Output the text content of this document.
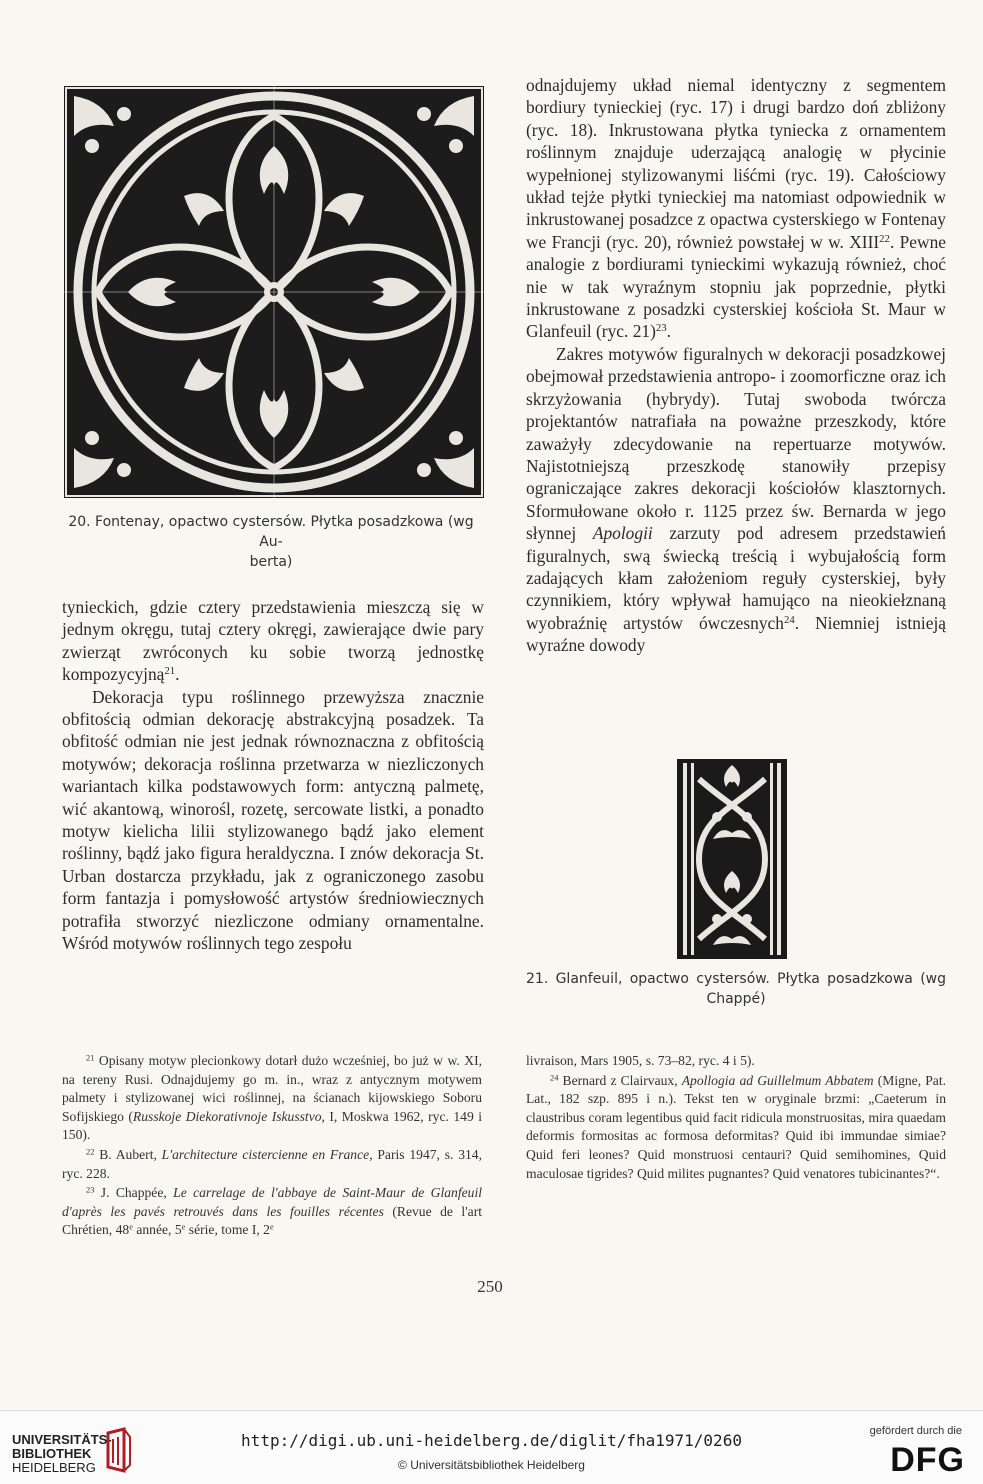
20. Fontenay, opactwo cystersów. Płytka posadzkowa (wg Au-
berta)

tynieckich, gdzie cztery przedstawienia mieszczą się w jednym okręgu, tutaj cztery okręgi, zawierające dwie pary zwierząt zwróconych ku sobie tworzą jednostkę kompozycyjną$^{21}$.

Dekoracja typu roślinnego przewyższa znacznie obfitością odmian dekorację abstrakcyjną posadzek. Ta obfitość odmian nie jest jednak równoznaczna z obfitością motywów; dekoracja roślinna przetwarza w niezliczonych wariantach kilka podstawowych form: antyczną palmetę, wić akantową, winorośl, rozetę, sercowate listki, a ponadto motyw kielicha lilii stylizowanego bądź jako element roślinny, bądź jako figura heraldyczna. I znów dekoracja St. Urban dostarcza przykładu, jak z ograniczonego zasobu form fantazja i pomysłowość artystów średniowiecznych potrafiła stworzyć niezliczone odmiany ornamentalne. Wśród motywów roślinnych tego zespołu

odnajdujemy układ niemal identyczny z segmentem bordiury tynieckiej (ryc. 17) i drugi bardzo doń zbliżony (ryc. 18). Inkrustowana płytka tyniecka z ornamentem roślinnym znajduje uderzającą analogię w płycinie wypełnionej stylizowanymi liśćmi (ryc. 19). Całościowy układ tejże płytki tynieckiej ma natomiast odpowiednik w inkrustowanej posadzce z opactwa cysterskiego w Fontenay we Francji (ryc. 20), również powstałej w w. XIII$^{22}$. Pewne analogie z bordiurami tynieckimi wykazują również, choć nie w tak wyraźnym stopniu jak poprzednie, płytki inkrustowane z posadzki cysterskiej kościoła St. Maur w Glanfeuil (ryc. 21)$^{23}$.

Zakres motywów figuralnych w dekoracji posadzkowej obejmował przedstawienia antropo- i zoomorficzne oraz ich skrzyżowania (hybrydy). Tutaj swoboda twórcza projektantów natrafiała na poważne przeszkody, które zaważyły zdecydowanie na repertuarze motywów. Najistotniejszą przeszkodę stanowiły przepisy ograniczające zakres dekoracji kościołów klasztornych. Sformułowane około r. 1125 przez św. Bernarda w jego słynnej Apologii zarzuty pod adresem przedstawień figuralnych, swą świecką treścią i wybujałością form zadających kłam założeniom reguły cysterskiej, były czynnikiem, który wpływał hamująco na nieokiełznaną wyobraźnię artystów ówczesnych$^{24}$. Niemniej istnieją wyraźne dowody

21. Glanfeuil, opactwo cystersów. Płytka posadzkowa (wg Chappé)

$^{21}$ Opisany motyw plecionkowy dotarł dużo wcześniej, bo już w w. XI, na tereny Rusi. Odnajdujemy go m. in., wraz z antycznym motywem palmety i stylizowanej wici roślinnej, na ścianach kijowskiego Soboru Sofijskiego (Russkoje Diekorativnoje Iskusstvo, I, Moskwa 1962, ryc. 149 i 150).

$^{22}$ B. Aubert, L'architecture cistercienne en France, Paris 1947, s. 314, ryc. 228.

$^{23}$ J. Chappée, Le carrelage de l'abbaye de Saint-Maur de Glanfeuil d'après les pavés retrouvés dans les fouilles récentes (Revue de l'art Chrétien, 48e année, 5e série, tome I, 2e

livraison, Mars 1905, s. 73–82, ryc. 4 i 5).

$^{24}$ Bernard z Clairvaux, Apollogia ad Guillelmum Abbatem (Migne, Pat. Lat., 182 szp. 895 i n.). Tekst ten w oryginale brzmi: „Caeterum in claustribus coram legentibus quid facit ridicula monstruositas, mira quaedam deformis formositas ac formosa deformitas? Quid ibi immundae simiae? Quid feri leones? Quid monstruosi centauri? Quid semihomines, Quid maculosae tigrides? Quid milites pugnantes? Quid venatores tubicinantes?“.

250
UNIVERSITÄTS-
BIBLIOTHEK
HEIDELBERG
http://digi.ub.uni-heidelberg.de/diglit/fha1971/0260
© Universitätsbibliothek Heidelberg
gefördert durch die
DFG
